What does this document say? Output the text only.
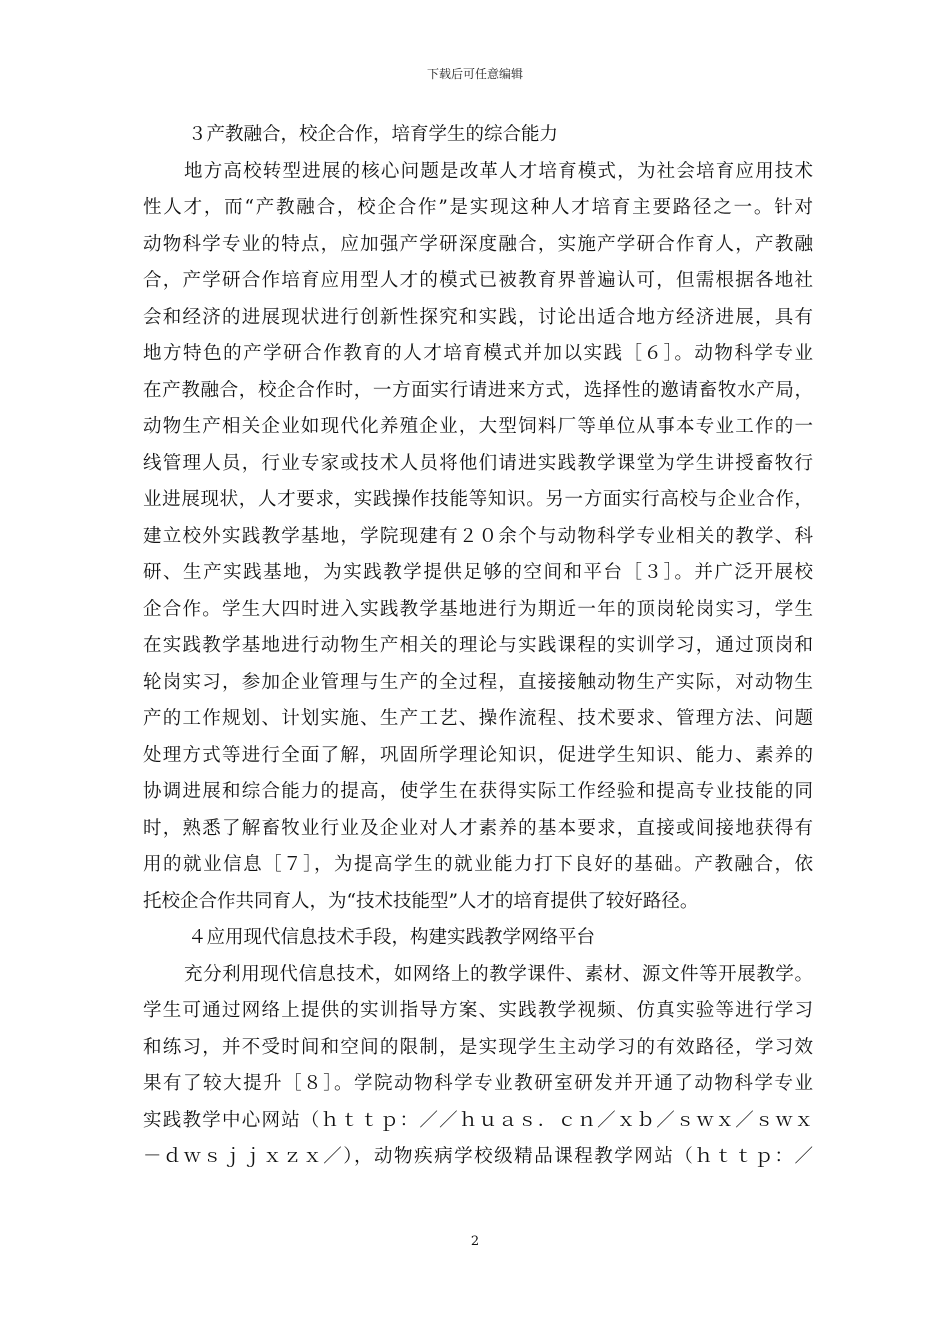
下载后可任意编辑
３产教融合，校企合作，培育学生的综合能力
地方高校转型进展的核心问题是改革人才培育模式，为社会培育应用技术
性人才，而“产教融合，校企合作”是实现这种人才培育主要路径之一。针对
动物科学专业的特点，应加强产学研深度融合，实施产学研合作育人，产教融
合，产学研合作培育应用型人才的模式已被教育界普遍认可，但需根据各地社
会和经济的进展现状进行创新性探究和实践，讨论出适合地方经济进展，具有
地方特色的产学研合作教育的人才培育模式并加以实践［６］。动物科学专业
在产教融合，校企合作时，一方面实行请进来方式，选择性的邀请畜牧水产局，
动物生产相关企业如现代化养殖企业，大型饲料厂等单位从事本专业工作的一
线管理人员，行业专家或技术人员将他们请进实践教学课堂为学生讲授畜牧行
业进展现状，人才要求，实践操作技能等知识。另一方面实行高校与企业合作，
建立校外实践教学基地，学院现建有２０余个与动物科学专业相关的教学、科
研、生产实践基地，为实践教学提供足够的空间和平台［３］。并广泛开展校
企合作。学生大四时进入实践教学基地进行为期近一年的顶岗轮岗实习，学生
在实践教学基地进行动物生产相关的理论与实践课程的实训学习，通过顶岗和
轮岗实习，参加企业管理与生产的全过程，直接接触动物生产实际，对动物生
产的工作规划、计划实施、生产工艺、操作流程、技术要求、管理方法、问题
处理方式等进行全面了解，巩固所学理论知识，促进学生知识、能力、素养的
协调进展和综合能力的提高，使学生在获得实际工作经验和提高专业技能的同
时，熟悉了解畜牧业行业及企业对人才素养的基本要求，直接或间接地获得有
用的就业信息［７］，为提高学生的就业能力打下良好的基础。产教融合，依
托校企合作共同育人，为“技术技能型”人才的培育提供了较好路径。
４应用现代信息技术手段，构建实践教学网络平台
充分利用现代信息技术，如网络上的教学课件、素材、源文件等开展教学。
学生可通过网络上提供的实训指导方案、实践教学视频、仿真实验等进行学习
和练习，并不受时间和空间的限制，是实现学生主动学习的有效路径，学习效
果有了较大提升［８］。学院动物科学专业教研室研发并开通了动物科学专业
实践教学中心网站（ｈｔｔｐ：／／ｈｕａｓ．ｃｎ／ｘｂ／ｓｗｘ／ｓｗｘ
－ｄｗｓｊｊｘｚｘ／），动物疾病学校级精品课程教学网站（ｈｔｔｐ：／
2
